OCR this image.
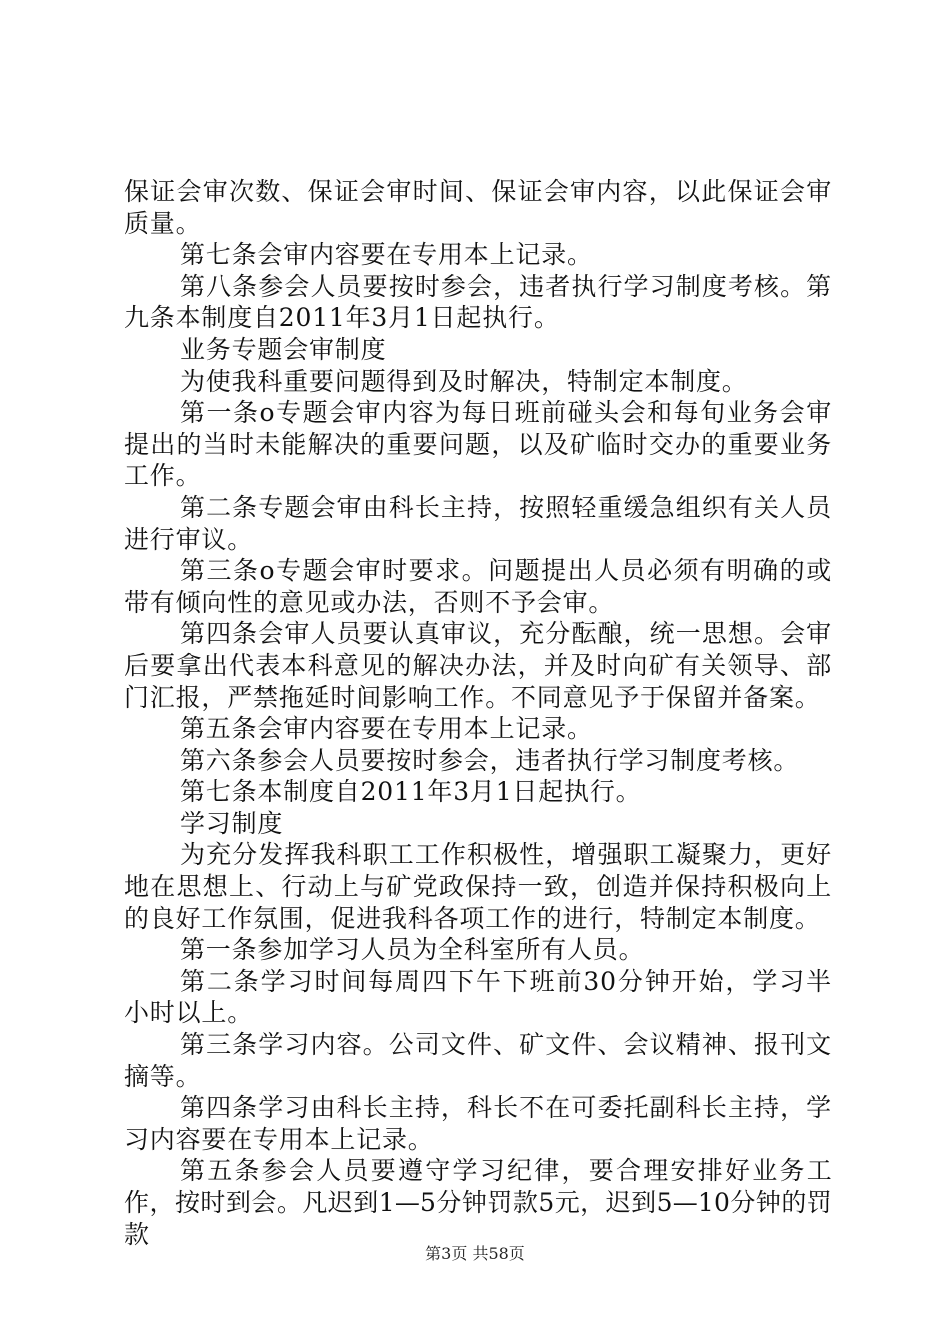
保证会审次数、保证会审时间、保证会审内容，以此保证会审质量。

第七条会审内容要在专用本上记录。

第八条参会人员要按时参会，违者执行学习制度考核。第九条本制度自2011年3月1日起执行。

业务专题会审制度

为使我科重要问题得到及时解决，特制定本制度。

第一条o专题会审内容为每日班前碰头会和每旬业务会审提出的当时未能解决的重要问题，以及矿临时交办的重要业务工作。

第二条专题会审由科长主持，按照轻重缓急组织有关人员进行审议。

第三条o专题会审时要求。问题提出人员必须有明确的或带有倾向性的意见或办法，否则不予会审。

第四条会审人员要认真审议，充分酝酿，统一思想。会审后要拿出代表本科意见的解决办法，并及时向矿有关领导、部门汇报，严禁拖延时间影响工作。不同意见予于保留并备案。

第五条会审内容要在专用本上记录。

第六条参会人员要按时参会，违者执行学习制度考核。

第七条本制度自2011年3月1日起执行。

学习制度

为充分发挥我科职工工作积极性，增强职工凝聚力，更好地在思想上、行动上与矿党政保持一致，创造并保持积极向上的良好工作氛围，促进我科各项工作的进行，特制定本制度。

第一条参加学习人员为全科室所有人员。

第二条学习时间每周四下午下班前30分钟开始，学习半小时以上。

第三条学习内容。公司文件、矿文件、会议精神、报刊文摘等。

第四条学习由科长主持，科长不在可委托副科长主持，学习内容要在专用本上记录。

第五条参会人员要遵守学习纪律，要合理安排好业务工作，按时到会。凡迟到1—5分钟罚款5元，迟到5—10分钟的罚款

第3页 共58页
